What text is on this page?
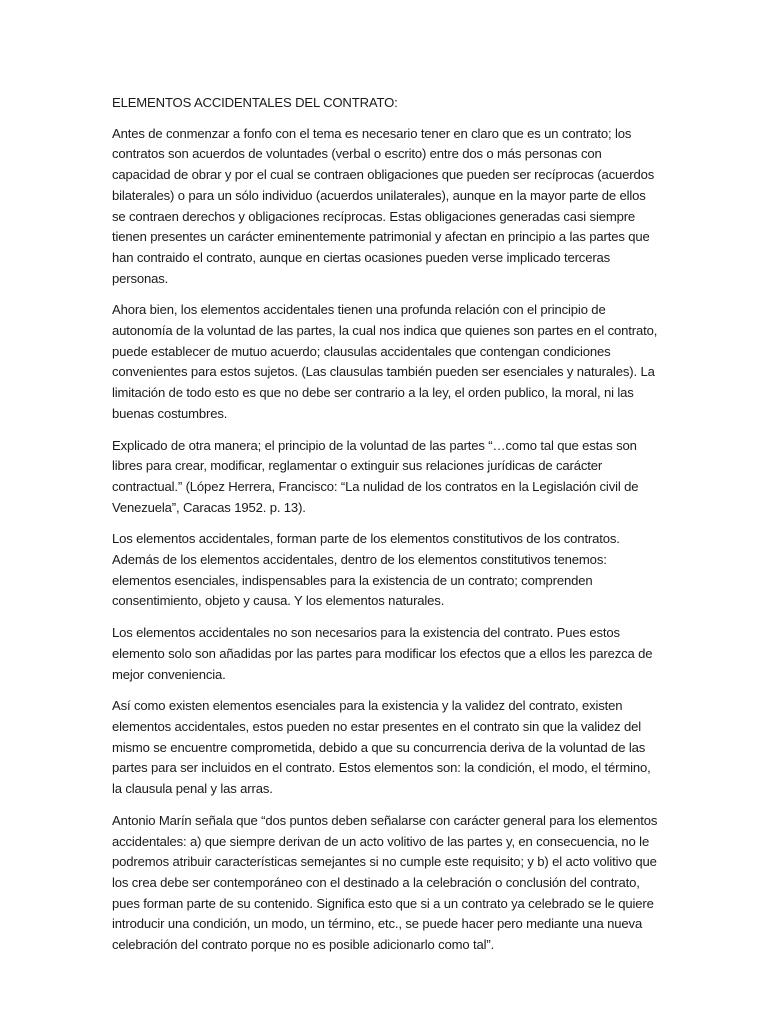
ELEMENTOS ACCIDENTALES DEL CONTRATO:

Antes de conmenzar a fonfo con el tema es necesario tener en claro que es un contrato; los contratos son acuerdos de voluntades (verbal o escrito) entre dos o más personas con capacidad de obrar y por el cual se contraen obligaciones que pueden ser recíprocas (acuerdos bilaterales) o para un sólo individuo (acuerdos unilaterales), aunque en la mayor parte de ellos se contraen derechos y obligaciones recíprocas. Estas obligaciones generadas casi siempre tienen presentes un carácter eminentemente patrimonial y afectan en principio a las partes que han contraido el contrato, aunque en ciertas ocasiones pueden verse implicado terceras personas.

Ahora bien, los elementos accidentales tienen una profunda relación con el principio de autonomía de la voluntad de las partes, la cual nos indica que quienes son partes en el contrato, puede establecer de mutuo acuerdo; clausulas accidentales que contengan condiciones convenientes para estos sujetos. (Las clausulas también pueden ser esenciales y naturales). La limitación de todo esto es que no debe ser contrario a la ley, el orden publico, la moral, ni las buenas costumbres.

Explicado de otra manera; el principio de la voluntad de las partes “…como tal que estas son libres para crear, modificar, reglamentar o extinguir sus relaciones jurídicas de carácter contractual.” (López Herrera, Francisco: “La nulidad de los contratos en la Legislación civil de Venezuela”, Caracas 1952. p. 13).

Los elementos accidentales, forman parte de los elementos constitutivos de los contratos. Además de los elementos accidentales, dentro de los elementos constitutivos tenemos: elementos esenciales, indispensables para la existencia de un contrato; comprenden consentimiento, objeto y causa. Y los elementos naturales.

Los elementos accidentales no son necesarios para la existencia del contrato. Pues estos elemento solo son añadidas por las partes para modificar los efectos que a ellos les parezca de mejor conveniencia.

Así como existen elementos esenciales para la existencia y la validez del contrato, existen elementos accidentales, estos pueden no estar presentes en el contrato sin que la validez del mismo se encuentre comprometida, debido a que su concurrencia deriva de la voluntad de las partes para ser incluidos en el contrato. Estos elementos son: la condición, el modo, el término, la clausula penal y las arras.

Antonio Marín señala que “dos puntos deben señalarse con carácter general para los elementos accidentales: a) que siempre derivan de un acto volitivo de las partes y, en consecuencia, no le podremos atribuir características semejantes si no cumple este requisito; y b) el acto volitivo que los crea debe ser contemporáneo con el destinado a la celebración o conclusión del contrato, pues forman parte de su contenido. Significa esto que si a un contrato ya celebrado se le quiere introducir una condición, un modo, un término, etc., se puede hacer pero mediante una nueva celebración del contrato porque no es posible adicionarlo como tal”.
